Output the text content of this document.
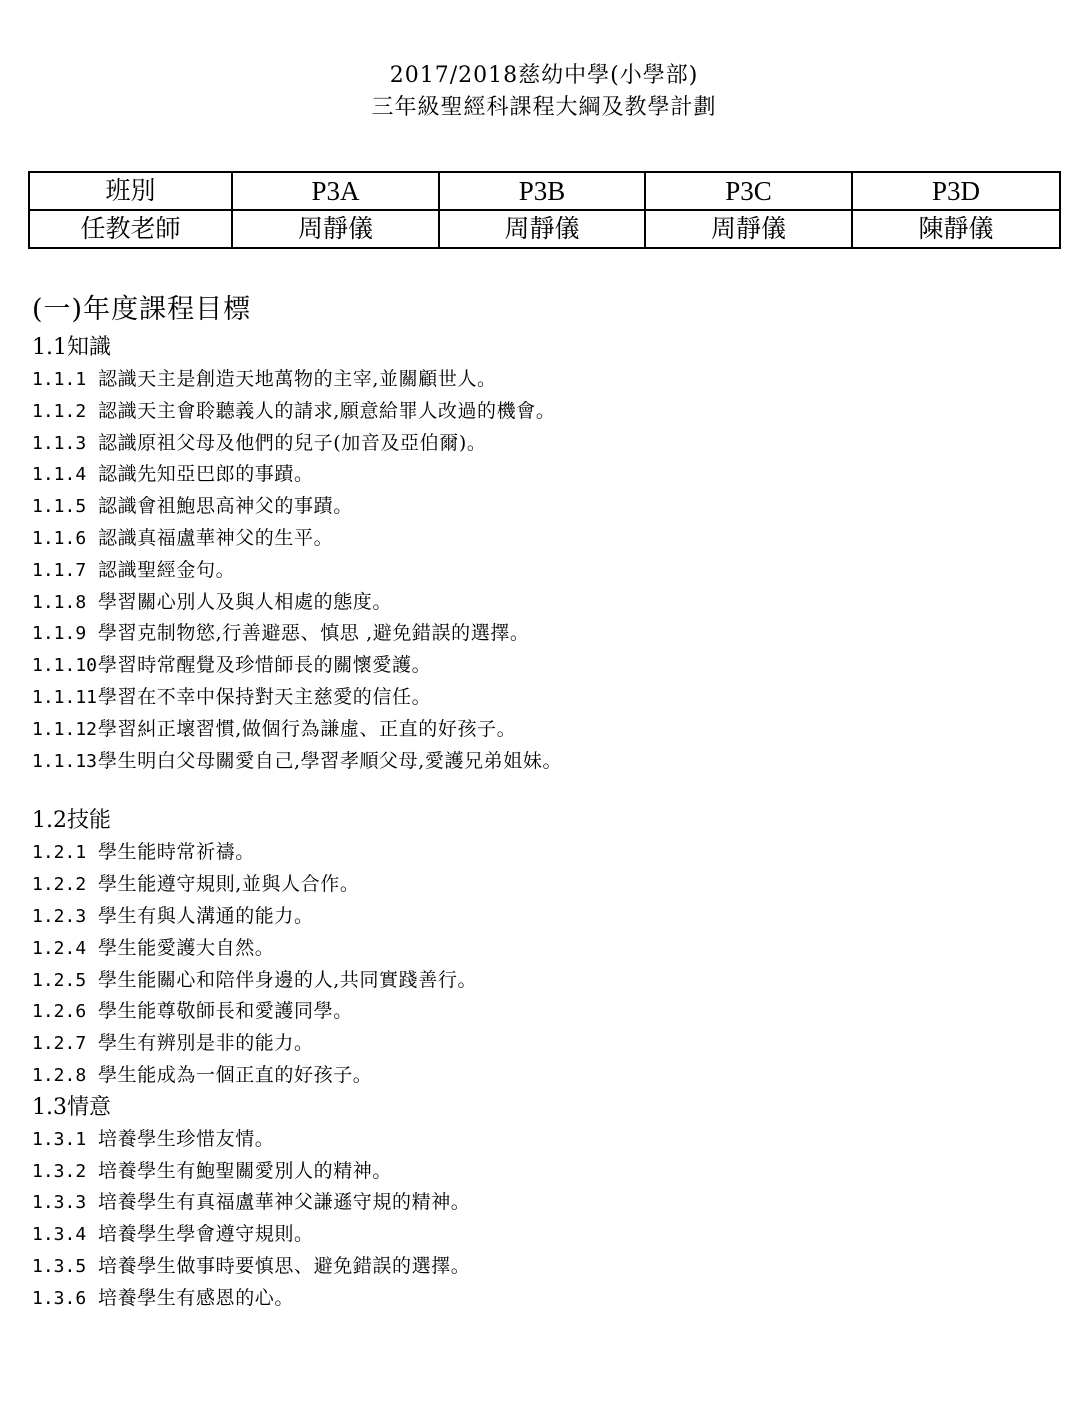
2017/2018慈幼中學(小學部)
三年級聖經科課程大綱及教學計劃
班別	P3A	P3B	P3C	P3D
任教老師	周靜儀	周靜儀	周靜儀	陳靜儀
(一)年度課程目標
1.1知識
1.1.1 認識天主是創造天地萬物的主宰,並關顧世人。
1.1.2 認識天主會聆聽義人的請求,願意給罪人改過的機會。
1.1.3 認識原祖父母及他們的兒子(加音及亞伯爾)。
1.1.4 認識先知亞巴郎的事蹟。
1.1.5 認識會祖鮑思高神父的事蹟。
1.1.6 認識真福盧華神父的生平。
1.1.7 認識聖經金句。
1.1.8 學習關心別人及與人相處的態度。
1.1.9 學習克制物慾,行善避惡、慎思 ,避免錯誤的選擇。
1.1.10學習時常醒覺及珍惜師長的關懷愛護。
1.1.11學習在不幸中保持對天主慈愛的信任。
1.1.12學習糾正壞習慣,做個行為謙虛、正直的好孩子。
1.1.13學生明白父母關愛自己,學習孝順父母,愛護兄弟姐妹。
1.2技能
1.2.1 學生能時常祈禱。
1.2.2 學生能遵守規則,並與人合作。
1.2.3 學生有與人溝通的能力。
1.2.4 學生能愛護大自然。
1.2.5 學生能關心和陪伴身邊的人,共同實踐善行。
1.2.6 學生能尊敬師長和愛護同學。
1.2.7 學生有辨別是非的能力。
1.2.8 學生能成為一個正直的好孩子。
1.3情意
1.3.1 培養學生珍惜友情。
1.3.2 培養學生有鮑聖關愛別人的精神。
1.3.3 培養學生有真福盧華神父謙遜守規的精神。
1.3.4 培養學生學會遵守規則。
1.3.5 培養學生做事時要慎思、避免錯誤的選擇。
1.3.6 培養學生有感恩的心。
